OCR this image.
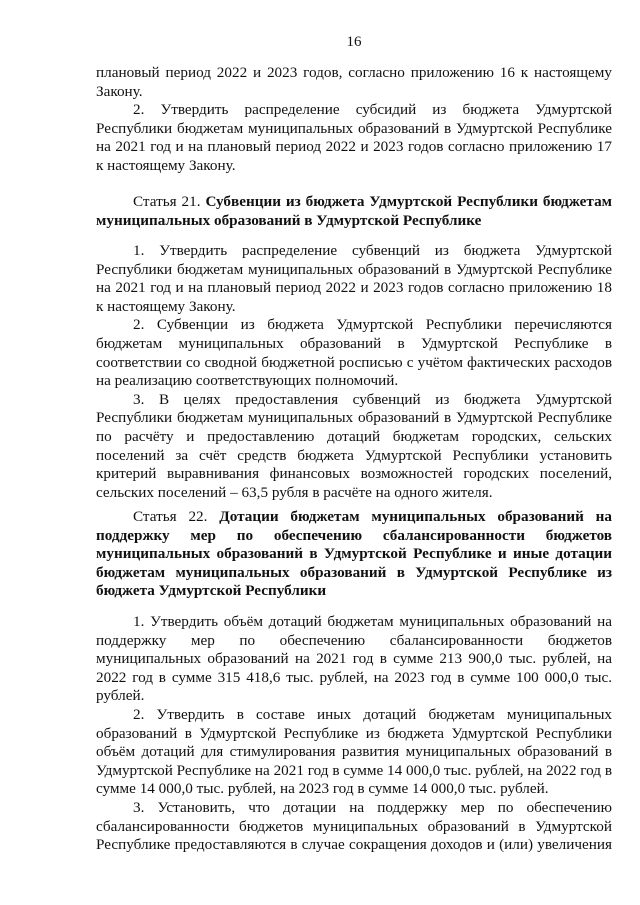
16

плановый период 2022 и 2023 годов, согласно приложению 16 к настоящему Закону.

2. Утвердить распределение субсидий из бюджета Удмуртской Республики бюджетам муниципальных образований в Удмуртской Республике на 2021 год и на плановый период 2022 и 2023 годов согласно приложению 17 к настоящему Закону.

Статья 21. Субвенции из бюджета Удмуртской Республики бюджетам муниципальных образований в Удмуртской Республике

1. Утвердить распределение субвенций из бюджета Удмуртской Республики бюджетам муниципальных образований в Удмуртской Республике на 2021 год и на плановый период 2022 и 2023 годов согласно приложению 18 к настоящему Закону.

2. Субвенции из бюджета Удмуртской Республики перечисляются бюджетам муниципальных образований в Удмуртской Республике в соответствии со сводной бюджетной росписью с учётом фактических расходов на реализацию соответствующих полномочий.

3. В целях предоставления субвенций из бюджета Удмуртской Республики бюджетам муниципальных образований в Удмуртской Республике по расчёту и предоставлению дотаций бюджетам городских, сельских поселений за счёт средств бюджета Удмуртской Республики установить критерий выравнивания финансовых возможностей городских поселений, сельских поселений – 63,5 рубля в расчёте на одного жителя.

Статья 22. Дотации бюджетам муниципальных образований на поддержку мер по обеспечению сбалансированности бюджетов муниципальных образований в Удмуртской Республике и иные дотации бюджетам муниципальных образований в Удмуртской Республике из бюджета Удмуртской Республики

1. Утвердить объём дотаций бюджетам муниципальных образований на поддержку мер по обеспечению сбалансированности бюджетов муниципальных образований на 2021 год в сумме 213 900,0 тыс. рублей, на 2022 год в сумме 315 418,6 тыс. рублей, на 2023 год в сумме 100 000,0 тыс. рублей.

2. Утвердить в составе иных дотаций бюджетам муниципальных образований в Удмуртской Республике из бюджета Удмуртской Республики объём дотаций для стимулирования развития муниципальных образований в Удмуртской Республике на 2021 год в сумме 14 000,0 тыс. рублей, на 2022 год в сумме 14 000,0 тыс. рублей, на 2023 год в сумме 14 000,0 тыс. рублей.

3. Установить, что дотации на поддержку мер по обеспечению сбалансированности бюджетов муниципальных образований в Удмуртской Республике предоставляются в случае сокращения доходов и (или) увеличения
